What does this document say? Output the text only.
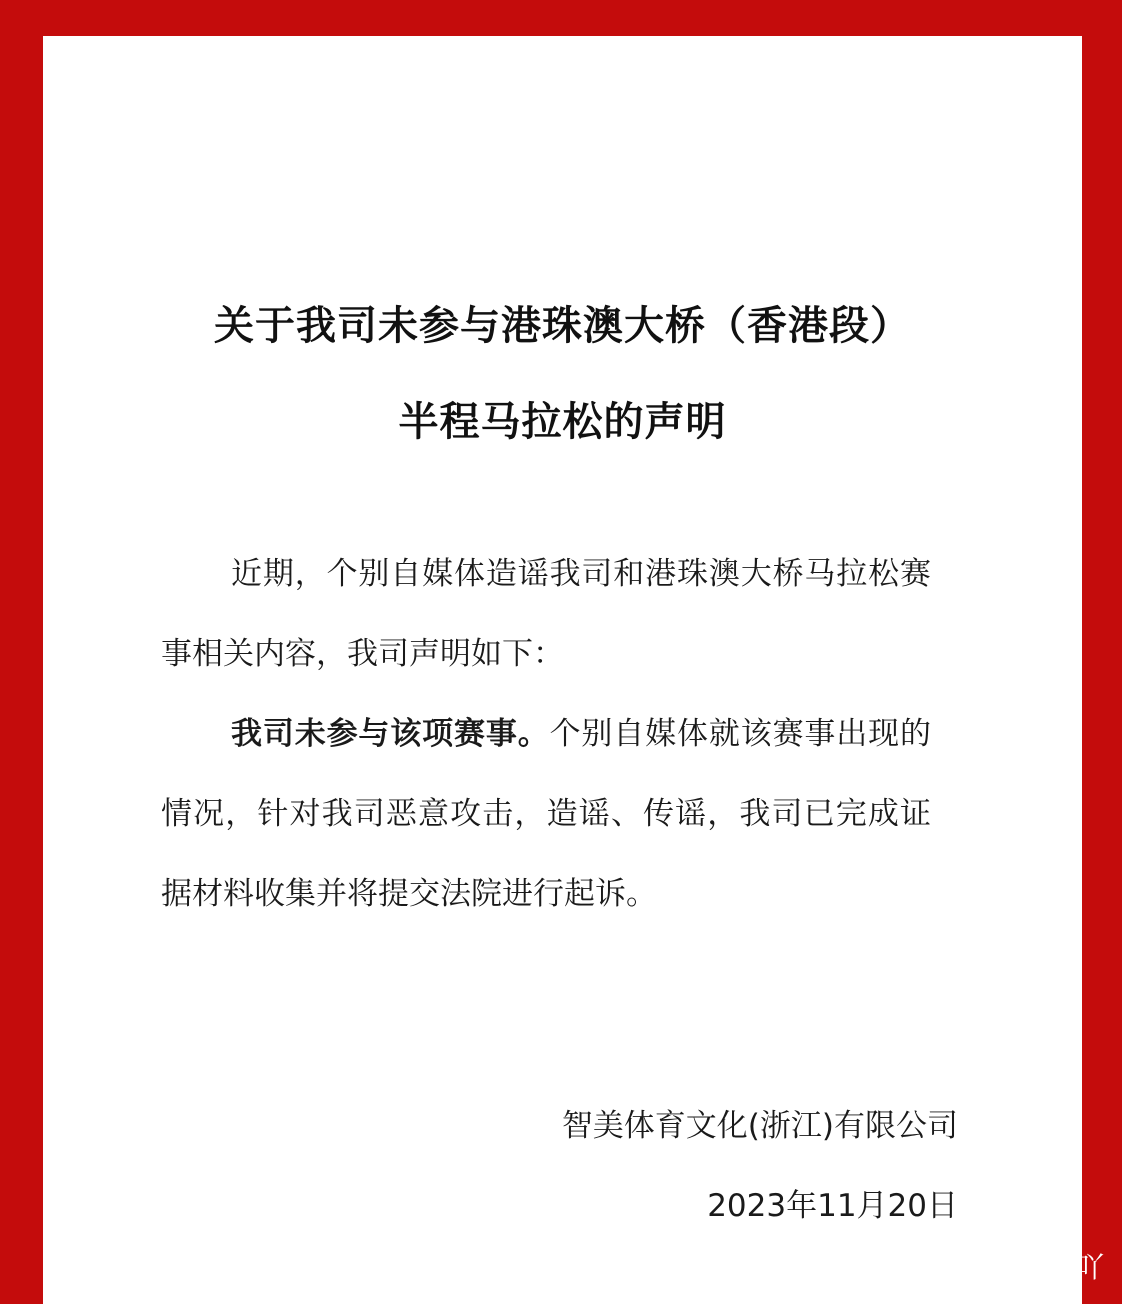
关于我司未参与港珠澳大桥（香港段）
半程马拉松的声明

近期，个别自媒体造谣我司和港珠澳大桥马拉松赛事相关内容，我司声明如下：

我司未参与该项赛事。个别自媒体就该赛事出现的情况，针对我司恶意攻击，造谣、传谣，我司已完成证据材料收集并将提交法院进行起诉。

智美体育文化(浙江)有限公司
2023年11月20日
静说好剧吖
